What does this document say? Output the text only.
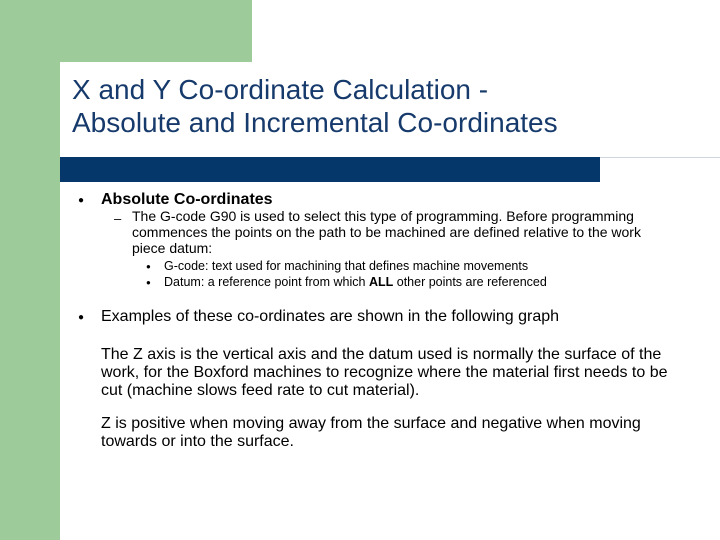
X and Y Co-ordinate Calculation -
Absolute and Incremental Co-ordinates
● Absolute Co-ordinates
– The G-code G90 is used to select this type of programming. Before programming commences the points on the path to be machined are defined relative to the work piece datum:
● G-code: text used for machining that defines machine movements
● Datum: a reference point from which ALL other points are referenced
● Examples of these co-ordinates are shown in the following graph
The Z axis is the vertical axis and the datum used is normally the surface of the work, for the Boxford machines to recognize where the material first needs to be cut (machine slows feed rate to cut material).
Z is positive when moving away from the surface and negative when moving towards or into the surface.
